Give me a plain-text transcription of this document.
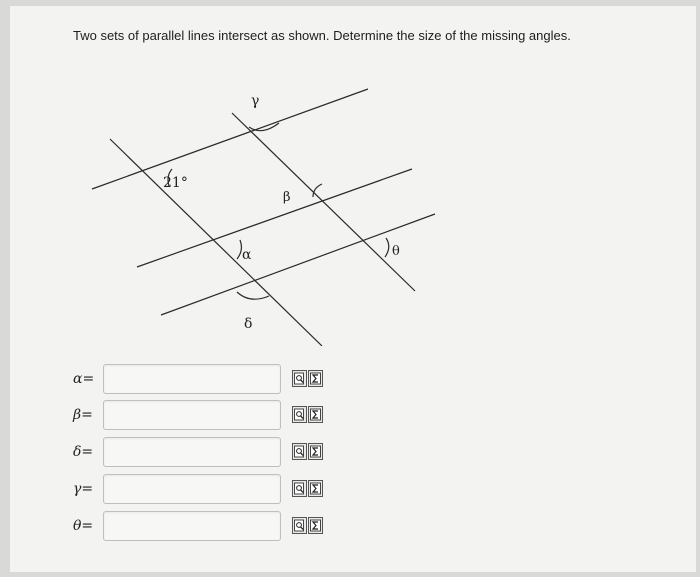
Two sets of parallel lines intersect as shown. Determine the size of the missing angles.

21°
γ
β
α
δ
θ
α=
β=
δ=
γ=
θ=
